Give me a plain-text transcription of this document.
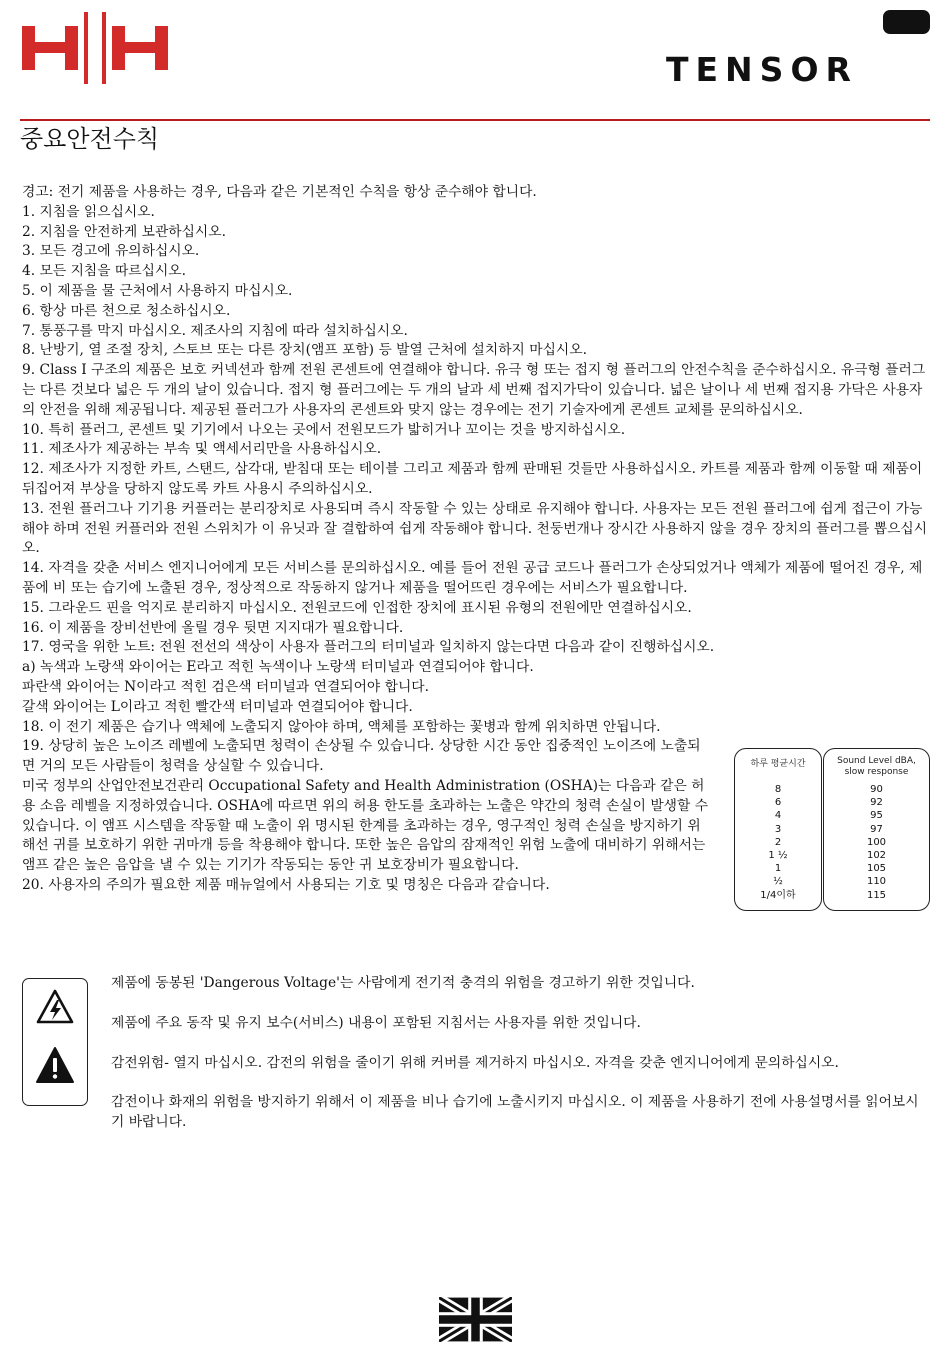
TENSOR
중요안전수칙

경고: 전기 제품을 사용하는 경우, 다음과 같은 기본적인 수칙을 항상 준수해야 합니다.

1. 지침을 읽으십시오.

2. 지침을 안전하게 보관하십시오.

3. 모든 경고에 유의하십시오.

4. 모든 지침을 따르십시오.

5. 이 제품을 물 근처에서 사용하지 마십시오.

6. 항상 마른 천으로 청소하십시오.

7. 통풍구를 막지 마십시오. 제조사의 지침에 따라 설치하십시오.

8. 난방기, 열 조절 장치, 스토브 또는 다른 장치(앰프 포함) 등 발열 근처에 설치하지 마십시오.

9. Class I 구조의 제품은 보호 커넥션과 함께 전원 콘센트에 연결해야 합니다. 유극 형 또는 접지 형 플러그의 안전수칙을 준수하십시오. 유극형 플러그는 다른 것보다 넓은 두 개의 날이 있습니다. 접지 형 플러그에는 두 개의 날과 세 번째 접지가닥이 있습니다. 넓은 날이나 세 번째 접지용 가닥은 사용자의 안전을 위해 제공됩니다. 제공된 플러그가 사용자의 콘센트와 맞지 않는 경우에는 전기 기술자에게 콘센트 교체를 문의하십시오.

10. 특히 플러그, 콘센트 및 기기에서 나오는 곳에서 전원모드가 밟히거나 꼬이는 것을 방지하십시오.

11. 제조사가 제공하는 부속 및 액세서리만을 사용하십시오.

12. 제조사가 지정한 카트, 스탠드, 삼각대, 받침대 또는 테이블 그리고 제품과 함께 판매된 것들만 사용하십시오. 카트를 제품과 함께 이동할 때 제품이 뒤집어져 부상을 당하지 않도록 카트 사용시 주의하십시오.

13. 전원 플러그나 기기용 커플러는 분리장치로 사용되며 즉시 작동할 수 있는 상태로 유지해야 합니다. 사용자는 모든 전원 플러그에 쉽게 접근이 가능해야 하며 전원 커플러와 전원 스위치가 이 유닛과 잘 결합하여 쉽게 작동해야 합니다. 천둥번개나 장시간 사용하지 않을 경우 장치의 플러그를 뽑으십시오.

14. 자격을 갖춘 서비스 엔지니어에게 모든 서비스를 문의하십시오. 예를 들어 전원 공급 코드나 플러그가 손상되었거나 액체가 제품에 떨어진 경우, 제품에 비 또는 습기에 노출된 경우, 정상적으로 작동하지 않거나 제품을 떨어뜨린 경우에는 서비스가 필요합니다.

15. 그라운드 핀을 억지로 분리하지 마십시오. 전원코드에 인접한 장치에 표시된 유형의 전원에만 연결하십시오.

16. 이 제품을 장비선반에 올릴 경우 뒷면 지지대가 필요합니다.

17. 영국을 위한 노트: 전원 전선의 색상이 사용자 플러그의 터미널과 일치하지 않는다면 다음과 같이 진행하십시오.

a) 녹색과 노랑색 와이어는 E라고 적힌 녹색이나 노랑색 터미널과 연결되어야 합니다.

파란색 와이어는 N이라고 적힌 검은색 터미널과 연결되어야 합니다.

갈색 와이어는 L이라고 적힌 빨간색 터미널과 연결되어야 합니다.

18. 이 전기 제품은 습기나 액체에 노출되지 않아야 하며, 액체를 포함하는 꽃병과 함께 위치하면 안됩니다.

19. 상당히 높은 노이즈 레벨에 노출되면 청력이 손상될 수 있습니다. 상당한 시간 동안 집중적인 노이즈에 노출되면 거의 모든 사람들이 청력을 상실할 수 있습니다.

미국 정부의 산업안전보건관리 Occupational Safety and Health Administration (OSHA)는 다음과 같은 허용 소음 레벨을 지정하였습니다. OSHA에 따르면 위의 허용 한도를 초과하는 노출은 약간의 청력 손실이 발생할 수 있습니다. 이 앰프 시스템을 작동할 때 노출이 위 명시된 한계를 초과하는 경우, 영구적인 청력 손실을 방지하기 위해선 귀를 보호하기 위한 귀마개 등을 착용해야 합니다. 또한 높은 음압의 잠재적인 위험 노출에 대비하기 위해서는 앰프 같은 높은 음압을 낼 수 있는 기기가 작동되는 동안 귀 보호장비가 필요합니다.

20. 사용자의 주의가 필요한 제품 매뉴얼에서 사용되는 기호 및 명칭은 다음과 같습니다.

하루 평균시간
8
6
4
3
2
1 ½
1
½
1/4이하
Sound Level dBA,
slow response
90
92
95
97
100
102
105
110
115

제품에 동봉된 'Dangerous Voltage'는 사람에게 전기적 충격의 위험을 경고하기 위한 것입니다.

제품에 주요 동작 및 유지 보수(서비스) 내용이 포함된 지침서는 사용자를 위한 것입니다.

감전위험- 열지 마십시오. 감전의 위험을 줄이기 위해 커버를 제거하지 마십시오. 자격을 갖춘 엔지니어에게 문의하십시오.

감전이나 화재의 위험을 방지하기 위해서 이 제품을 비나 습기에 노출시키지 마십시오. 이 제품을 사용하기 전에 사용설명서를 읽어보시기 바랍니다.
